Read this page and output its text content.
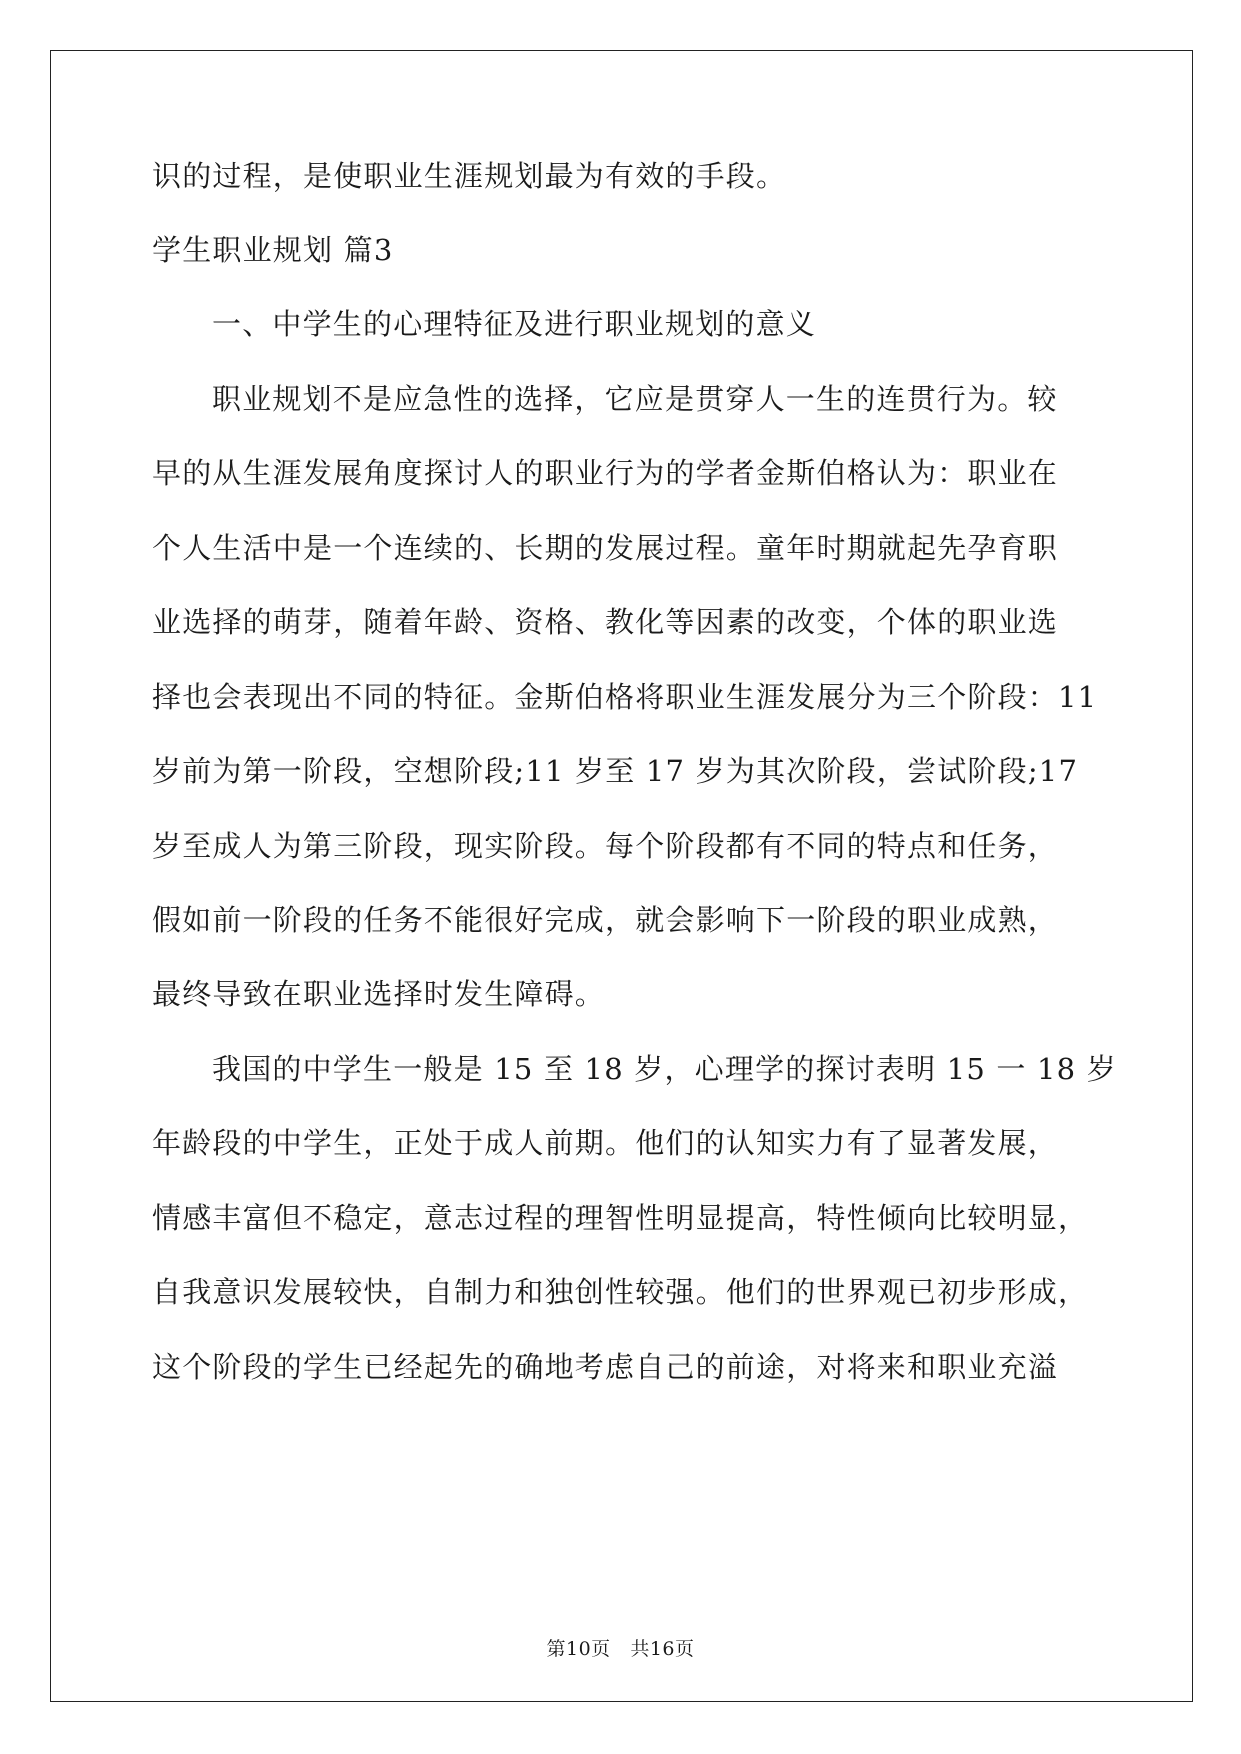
识的过程，是使职业生涯规划最为有效的手段。
学生职业规划 篇3
一、中学生的心理特征及进行职业规划的意义
职业规划不是应急性的选择，它应是贯穿人一生的连贯行为。较
早的从生涯发展角度探讨人的职业行为的学者金斯伯格认为：职业在
个人生活中是一个连续的、长期的发展过程。童年时期就起先孕育职
业选择的萌芽，随着年龄、资格、教化等因素的改变，个体的职业选
择也会表现出不同的特征。金斯伯格将职业生涯发展分为三个阶段：11
岁前为第一阶段，空想阶段;11 岁至 17 岁为其次阶段，尝试阶段;17
岁至成人为第三阶段，现实阶段。每个阶段都有不同的特点和任务，
假如前一阶段的任务不能很好完成，就会影响下一阶段的职业成熟，
最终导致在职业选择时发生障碍。
我国的中学生一般是 15 至 18 岁，心理学的探讨表明 15 一 18 岁
年龄段的中学生，正处于成人前期。他们的认知实力有了显著发展，
情感丰富但不稳定，意志过程的理智性明显提高，特性倾向比较明显，
自我意识发展较快，自制力和独创性较强。他们的世界观已初步形成，
这个阶段的学生已经起先的确地考虑自己的前途，对将来和职业充溢
第10页 共16页
